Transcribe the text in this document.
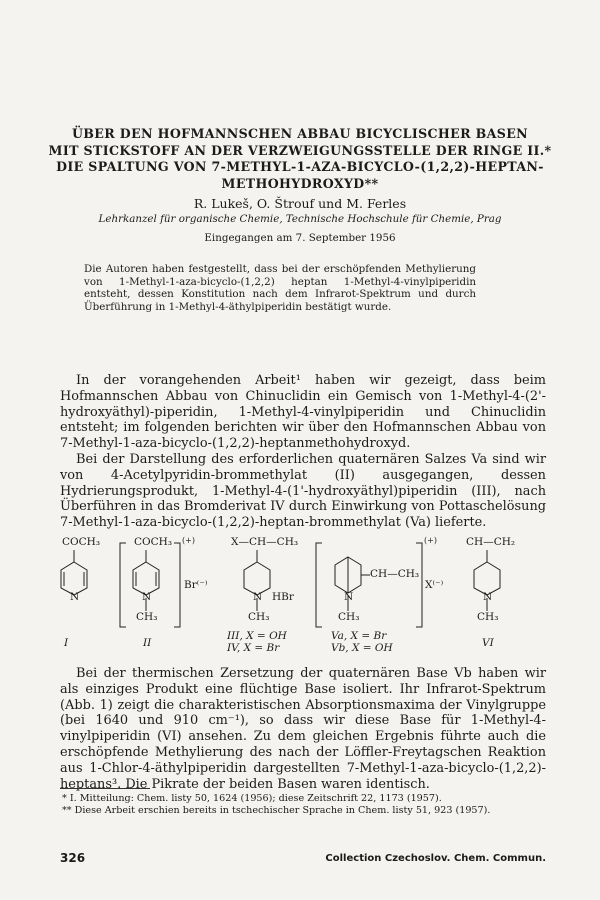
ÜBER DEN HOFMANNSCHEN ABBAU BICYCLISCHER BASEN
MIT STICKSTOFF AN DER VERZWEIGUNGSSTELLE DER RINGE II.*
DIE SPALTUNG VON 7-METHYL-1-AZA-BICYCLO-(1,2,2)-HEPTAN-
METHOHYDROXYD**
R. Lukeš, O. Štrouf und M. Ferles
Lehrkanzel für organische Chemie, Technische Hochschule für Chemie, Prag
Eingegangen am 7. September 1956
Die Autoren haben festgestellt, dass bei der erschöpfenden Methylierung von 1-Methyl-1-aza-bicyclo-(1,2,2) heptan 1-Methyl-4-vinylpiperidin entsteht, dessen Konstitution nach dem Infrarot-Spektrum und durch Überführung in 1-Methyl-4-äthylpiperidin bestätigt wurde.

In der vorangehenden Arbeit¹ haben wir gezeigt, dass beim Hofmannschen Abbau von Chinuclidin ein Gemisch von 1-Methyl-4-(2'-hydroxyäthyl)-piperidin, 1-Methyl-4-vinylpiperidin und Chinuclidin entsteht; im folgenden berichten wir über den Hofmannschen Abbau von 7-Methyl-1-aza-bicyclo-(1,2,2)-heptanmethohydroxyd.

Bei der Darstellung des erforderlichen quaternären Salzes Va sind wir von 4-Acetylpyridin-brommethylat (II) ausgegangen, dessen Hydrierungsprodukt, 1-Methyl-4-(1'-hydroxyäthyl)piperidin (III), nach Überführen in das Bromderivat IV durch Einwirkung von Pottaschelösung 7-Methyl-1-aza-bicyclo-(1,2,2)-heptan-brommethylat (Va) lieferte.

COCH₃
N
I
COCH₃ (+)
N
CH₃
Br⁽⁻⁾
II
X—CH—CH₃
N HBr
CH₃
III, X = OH
IV, X = Br
CH—CH₃
N
CH₃
(+)
X⁽⁻⁾
Va, X = Br
Vb, X = OH
CH—CH₂
N
CH₃
VI

Bei der thermischen Zersetzung der quaternären Base Vb haben wir als einziges Produkt eine flüchtige Base isoliert. Ihr Infrarot-Spektrum (Abb. 1) zeigt die charakteristischen Absorptionsmaxima der Vinylgruppe (bei 1640 und 910 cm⁻¹), so dass wir diese Base für 1-Methyl-4-vinylpiperidin (VI) ansehen. Zu dem gleichen Ergebnis führte auch die erschöpfende Methylierung des nach der Löffler-Freytagschen Reaktion aus 1-Chlor-4-äthylpiperidin dargestellten 7-Methyl-1-aza-bicyclo-(1,2,2)-heptans³. Die Pikrate der beiden Basen waren identisch.

* I. Mitteilung: Chem. listy 50, 1624 (1956); diese Zeitschrift 22, 1173 (1957).
** Diese Arbeit erschien bereits in tschechischer Sprache in Chem. listy 51, 923 (1957).
326	Collection Czechoslov. Chem. Commun.
